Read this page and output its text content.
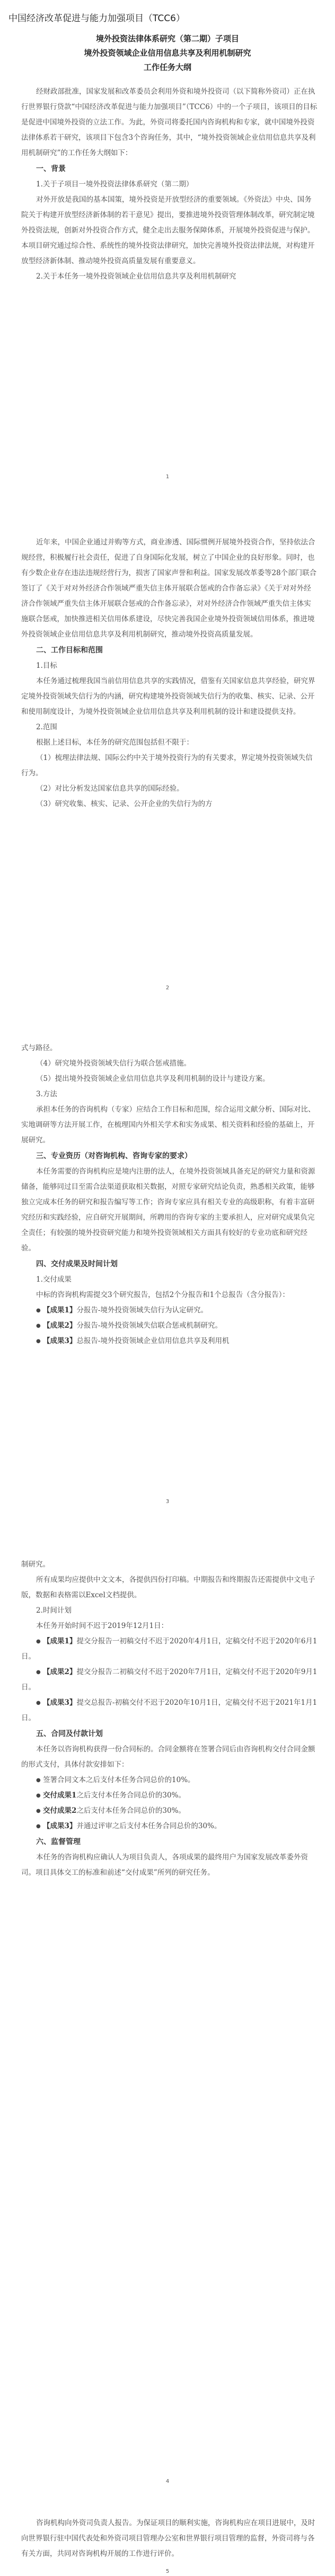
中国经济改革促进与能力加强项目（TCC6）
境外投资法律体系研究（第二期）子项目
境外投资领域企业信用信息共享及利用机制研究
工作任务大纲
经财政部批准，国家发展和改革委员会利用外资和境外投资司（以下简称外资司）正在执行世界银行贷款“中国经济改革促进与能力加强项目”（TCC6）中的一个子项目，该项目的目标是促进中国境外投资的立法工作。为此，外资司将委托国内咨询机构和专家，就中国境外投资法律体系若干研究，该项目下包含3个咨询任务，其中，“境外投资领域企业信用信息共享及利用机制研究”的工作任务大纲如下：
一、背景
1.关于子项目一境外投资法律体系研究（第二期）
对外开放是我国的基本国策，境外投资是开放型经济的重要领域。《外资法》中央、国务院关于构建开放型经济新体制的若干意见》提出，要推进境外投资管理体制改革，研究制定境外投资法规，创新对外投资合作方式，健全走出去服务保障体系，开展境外投资促进与保护。本项目研究通过综合性、系统性的境外投资法律研究，加快完善境外投资法律法规，对构建开放型经济新体制、推动境外投资高质量发展有重要意义。
2.关于本任务一境外投资领域企业信用信息共享及利用机制研究
1
近年来，中国企业通过并购等方式，商业渗透、国际惯例开展境外投资合作，坚持依法合规经营，积极履行社会责任，促进了自身国际化发展，树立了中国企业的良好形象。同时，也有少数企业存在违法违规经营行为，损害了国家声誉和利益。国家发展改革委等28个部门联合签订了《关于对对外经济合作领域严重失信主体开展联合惩戒的合作备忘录》《关于对对外经济合作领域严重失信主体开展联合惩戒的合作备忘录》，对对外经济合作领域严重失信主体实施联合惩戒，加快推进相关信用体系建设，尽快完善我国企业境外投资领域信用体系，推进境外投资领域企业信用信息共享及利用机制研究，推动境外投资高质量发展。
二、工作目标和范围
1.目标
本任务通过梳理我国当前信用信息共享的实践情况，借鉴有关国家信息共享经验，研究界定境外投资领域失信行为的内涵，研究构建境外投资领域失信行为的收集、核实、记录、公开和使用制度设计，为境外投资领域企业信用信息共享及利用机制的设计和建设提供支持。
2.范围
根据上述目标，本任务的研究范围包括但不限于：
（1）梳理法律法规、国际公约中关于境外投资行为的有关要求，界定境外投资领域失信行为。
（2）对比分析发达国家信息共享的国际经验。
（3）研究收集、核实、记录、公开企业的失信行为的方
2
式与路径。
（4）研究境外投资领域失信行为联合惩戒措施。
（5）提出境外投资领域企业信用信息共享及利用机制的设计与建设方案。
3.方法
承担本任务的咨询机构（专家）应结合工作目标和范围，综合运用文献分析、国际对比、实地调研等方法开展工作，在梳理国内外相关学术和实务成果、相关资料和经验的基础上，开展研究。
三、专业资历（对咨询机构、咨询专家的要求）
本任务需要的咨询机构应是境内注册的法人，在境外投资领域具备充足的研究力量和资源储备，能够同过目至需合法渠道获取相关数据，对照专家研究结论负责，熟悉相关政策，能够独立完成本任务的研究和报告编写等工作；咨询专家应具有相关专业的高级职称，有着丰富研究经历和实践经验，应自研究开展期间，所聘用的咨询专家的主要承担人，应对研究成果负完全责任；有较强的境外投资研究能力和境外投资领域相关方面具有较好的专业功底和研究经验。
四、交付成果及时间计划
1.交付成果
中标的咨询机构需提交3个研究报告，包括2个分报告和1个总报告（含分报告）：
● 【成果1】分报告-境外投资领域失信行为认定研究。
● 【成果2】分报告-境外投资领域失信联合惩戒机制研究。
● 【成果3】总报告-境外投资领域企业信用信息共享及利用机
3
制研究。
所有成果均应提供中文文本，各提供四份打印稿。中期报告和终期报告还需提供中文电子版，数据和表格需以Excel文档提供。
2.时间计划
本任务开始时间不迟于2019年12月1日：
● 【成果1】提交分报告一初稿交付不迟于2020年4月1日，定稿交付不迟于2020年6月1日。
● 【成果2】提交分报告二初稿交付不迟于2020年7月1日，定稿交付不迟于2020年9月1日。
● 【成果3】提交总报告-初稿交付不迟于2020年10月1日，定稿交付不迟于2021年1月1日。
五、合同及付款计划
本任务以咨询机构获得一份合同标的。合同金额将在签署合同后由咨询机构交付合同金额的形式支付，具体付款安排如下：
● 签署合同文本之后支付本任务合同总价的10%。
● 交付成果1之后支付本任务合同总价的30%。
● 交付成果2之后支付本任务合同总价的30%。
● 【成果3】并通过评审之后支付本任务合同总价的30%。
六、监督管理
本任务的咨询机构应确认人为项目负责人，各项成果的最终用户为国家发展改革委外资司。项目具体交工的标准和前述“交付成果”所列的研究任务。
4
咨询机构向外资司负责人报告。为保证项目的顺利实施，咨询机构应在项目进展中，及时向世界银行驻中国代表处和外资司项目管理办公室和世界银行项目管理的监督，外资司将与各有关方面，共同对咨询机构开展的工作进行评价。
5
